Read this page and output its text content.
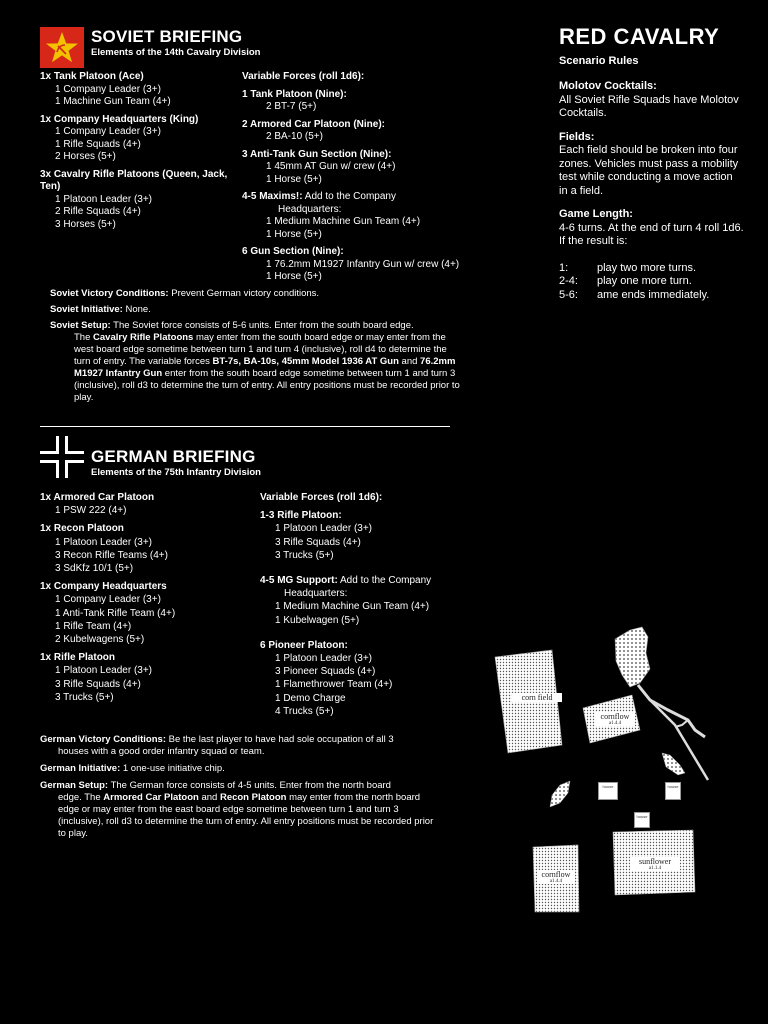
SOVIET BRIEFING
Elements of the 14th Cavalry Division
1x Tank Platoon (Ace)
1 Company Leader (3+)
1 Machine Gun Team (4+)
1x Company Headquarters (King)
1 Company Leader (3+)
1 Rifle Squads (4+)
2 Horses (5+)
3x Cavalry Rifle Platoons (Queen, Jack, Ten)
1 Platoon Leader (3+)
2 Rifle Squads (4+)
3 Horses (5+)
Variable Forces (roll 1d6):
1 Tank Platoon (Nine):
2 BT-7 (5+)
2 Armored Car Platoon (Nine):
2 BA-10 (5+)
3 Anti-Tank Gun Section (Nine):
1 45mm AT Gun w/ crew (4+)
1 Horse (5+)
4-5 Maxims!: Add to the Company
Headquarters:
1 Medium Machine Gun Team (4+)
1 Horse (5+)
6 Gun Section (Nine):
1 76.2mm M1927 Infantry Gun w/ crew (4+)
1 Horse (5+)

Soviet Victory Conditions: Prevent German victory conditions.

Soviet Initiative: None.

Soviet Setup: The Soviet force consists of 5-6 units. Enter from the south board edge.

The Cavalry Rifle Platoons may enter from the south board edge or may enter from the west board edge sometime between turn 1 and turn 4 (inclusive), roll d4 to determine the turn of entry. The variable forces BT-7s, BA-10s, 45mm Model 1936 AT Gun and 76.2mm M1927 Infantry Gun enter from the south board edge sometime between turn 1 and turn 3 (inclusive), roll d3 to determine the turn of entry. All entry positions must be recorded prior to play.

GERMAN BRIEFING
Elements of the 75th Infantry Division
1x Armored Car Platoon
1 PSW 222 (4+)
1x Recon Platoon
1 Platoon Leader (3+)
3 Recon Rifle Teams (4+)
3 SdKfz 10/1 (5+)
1x Company Headquarters
1 Company Leader (3+)
1 Anti-Tank Rifle Team (4+)
1 Rifle Team (4+)
2 Kubelwagens (5+)
1x Rifle Platoon
1 Platoon Leader (3+)
3 Rifle Squads (4+)
3 Trucks (5+)
Variable Forces (roll 1d6):
1-3 Rifle Platoon:
1 Platoon Leader (3+)
3 Rifle Squads (4+)
3 Trucks (5+)
4-5 MG Support: Add to the Company
Headquarters:
1 Medium Machine Gun Team (4+)
1 Kubelwagen (5+)
6 Pioneer Platoon:
1 Platoon Leader (3+)
3 Pioneer Squads (4+)
1 Flamethrower Team (4+)
1 Demo Charge
4 Trucks (5+)
German Victory Conditions: Be the last player to have had sole occupation of all 3
houses with a good order infantry squad or team.
German Initiative: 1 one-use initiative chip.
German Setup: The German force consists of 4-5 units. Enter from the north board
edge. The Armored Car Platoon and Recon Platoon may enter from the north board edge or may enter from the east board edge sometime between turn 1 and turn 3 (inclusive), roll d3 to determine the turn of entry. All entry positions must be recorded prior to play.
RED CAVALRY
Scenario Rules
Molotov Cocktails:

All Soviet Rifle Squads have Molotov Cocktails.

Fields:

Each field should be broken into four zones. Vehicles must pass a mobility test while conducting a move action in a field.

Game Length:

4-6 turns. At the end of turn 4 roll 1d6. If the result is:

1:	play two more turns.
2-4: play one more turn.
5-6: ame ends immediately.
corn field
cornflow
a1.4.4
cornflow
a1.4.4
sunflower
a1.1.4
house	house
house
